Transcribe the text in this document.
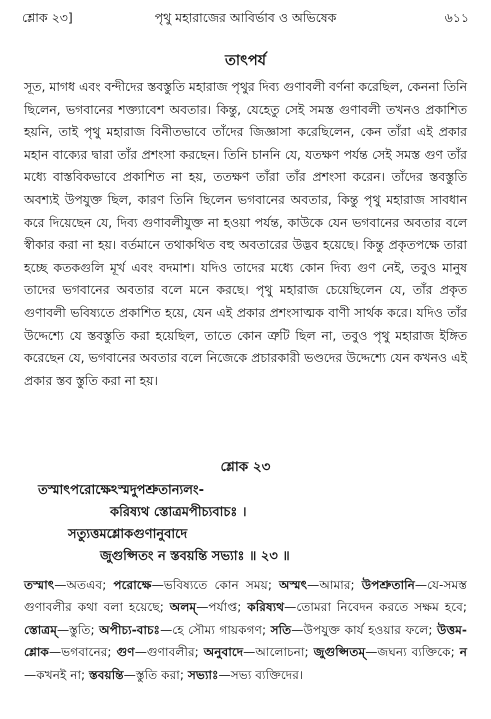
শ্লোক ২৩]	পৃথু মহারাজের আবির্ভাব ও অভিষেক	৬১১
তাৎপর্য

সূত, মাগধ এবং বন্দীদের স্তবস্তুতি মহারাজ পৃথুর দিব্য গুণাবলী বর্ণনা করেছিল, কেননা তিনি ছিলেন, ভগবানের শক্ত্যাবেশ অবতার। কিন্তু, যেহেতু সেই সমস্ত গুণাবলী তখনও প্রকাশিত হয়নি, তাই পৃথু মহারাজ বিনীতভাবে তাঁদের জিজ্ঞাসা করেছিলেন, কেন তাঁরা এই প্রকার মহান বাক্যের দ্বারা তাঁর প্রশংসা করছেন। তিনি চাননি যে, যতক্ষণ পর্যন্ত সেই সমস্ত গুণ তাঁর মধ্যে বাস্তবিকভাবে প্রকাশিত না হয়, ততক্ষণ তাঁরা তাঁর প্রশংসা করেন। তাঁদের স্তবস্তুতি অবশ্যই উপযুক্ত ছিল, কারণ তিনি ছিলেন ভগবানের অবতার, কিন্তু পৃথু মহারাজ সাবধান করে দিয়েছেন যে, দিব্য গুণাবলীযুক্ত না হওয়া পর্যন্ত, কাউকে যেন ভগবানের অবতার বলে স্বীকার করা না হয়। বর্তমানে তথাকথিত বহু অবতারের উদ্ভব হয়েছে। কিন্তু প্রকৃতপক্ষে তারা হচ্ছে কতকগুলি মূর্খ এবং বদমাশ। যদিও তাদের মধ্যে কোন দিব্য গুণ নেই, তবুও মানুষ তাদের ভগবানের অবতার বলে মনে করছে। পৃথু মহারাজ চেয়েছিলেন যে, তাঁর প্রকৃত গুণাবলী ভবিষ্যতে প্রকাশিত হয়ে, যেন এই প্রকার প্রশংসাত্মক বাণী সার্থক করে। যদিও তাঁর উদ্দেশ্যে যে স্তবস্তুতি করা হয়েছিল, তাতে কোন ত্রুটি ছিল না, তবুও পৃথু মহারাজ ইঙ্গিত করেছেন যে, ভগবানের অবতার বলে নিজেকে প্রচারকারী ভণ্ডদের উদ্দেশ্যে যেন কখনও এই প্রকার স্তব স্তুতি করা না হয়।

শ্লোক ২৩
তস্মাৎপরোক্ষেঽস্মদুপশ্রুতান্যলং-
করিষ্যথ স্তোত্রমপীচ্যবাচঃ ।
সত্যুত্তমশ্লোকগুণানুবাদে
জুগুপ্সিতং ন স্তবয়ন্তি সভ্যাঃ ॥ ২৩ ॥
তস্মাৎ—অতএব; পরোক্ষে—ভবিষ্যতে কোন সময়; অস্মৎ—আমার; উপশ্রুতানি—যে-সমস্ত গুণাবলীর কথা বলা হয়েছে; অলম্—পর্যাপ্ত; করিষ্যথ—তোমরা নিবেদন করতে সক্ষম হবে; স্তোত্রম্—স্তুতি; অপীচ্য-বাচঃ—হে সৌম্য গায়কগণ; সতি—উপযুক্ত কার্য হওয়ার ফলে; উত্তম-শ্লোক—ভগবানের; গুণ—গুণাবলীর; অনুবাদে—আলোচনা; জুগুপ্সিতম্—জঘন্য ব্যক্তিকে; ন—কখনই না; স্তবয়ন্তি—স্তুতি করা; সভ্যাঃ—সভ্য ব্যক্তিদের।
